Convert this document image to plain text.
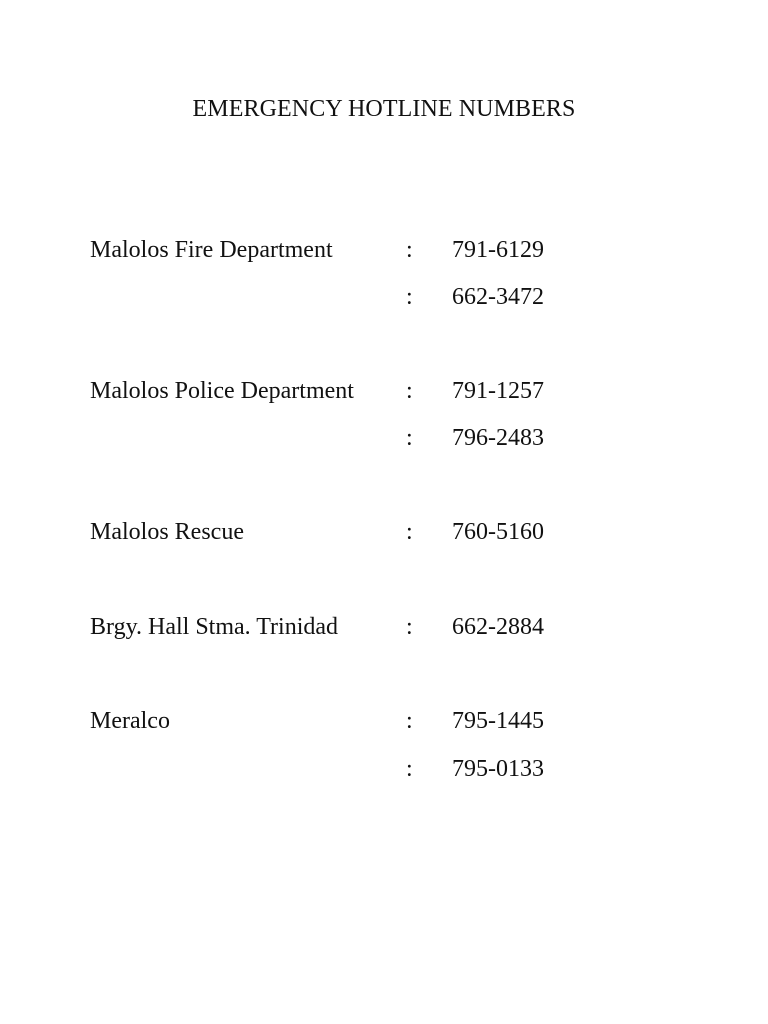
EMERGENCY HOTLINE NUMBERS
Malolos Fire Department	: 791-6129
: 662-3472
Malolos Police Department : 791-1257
: 796-2483
Malolos Rescue	: 760-5160
Brgy. Hall Stma. Trinidad	: 662-2884
Meralco	: 795-1445
: 795-0133
